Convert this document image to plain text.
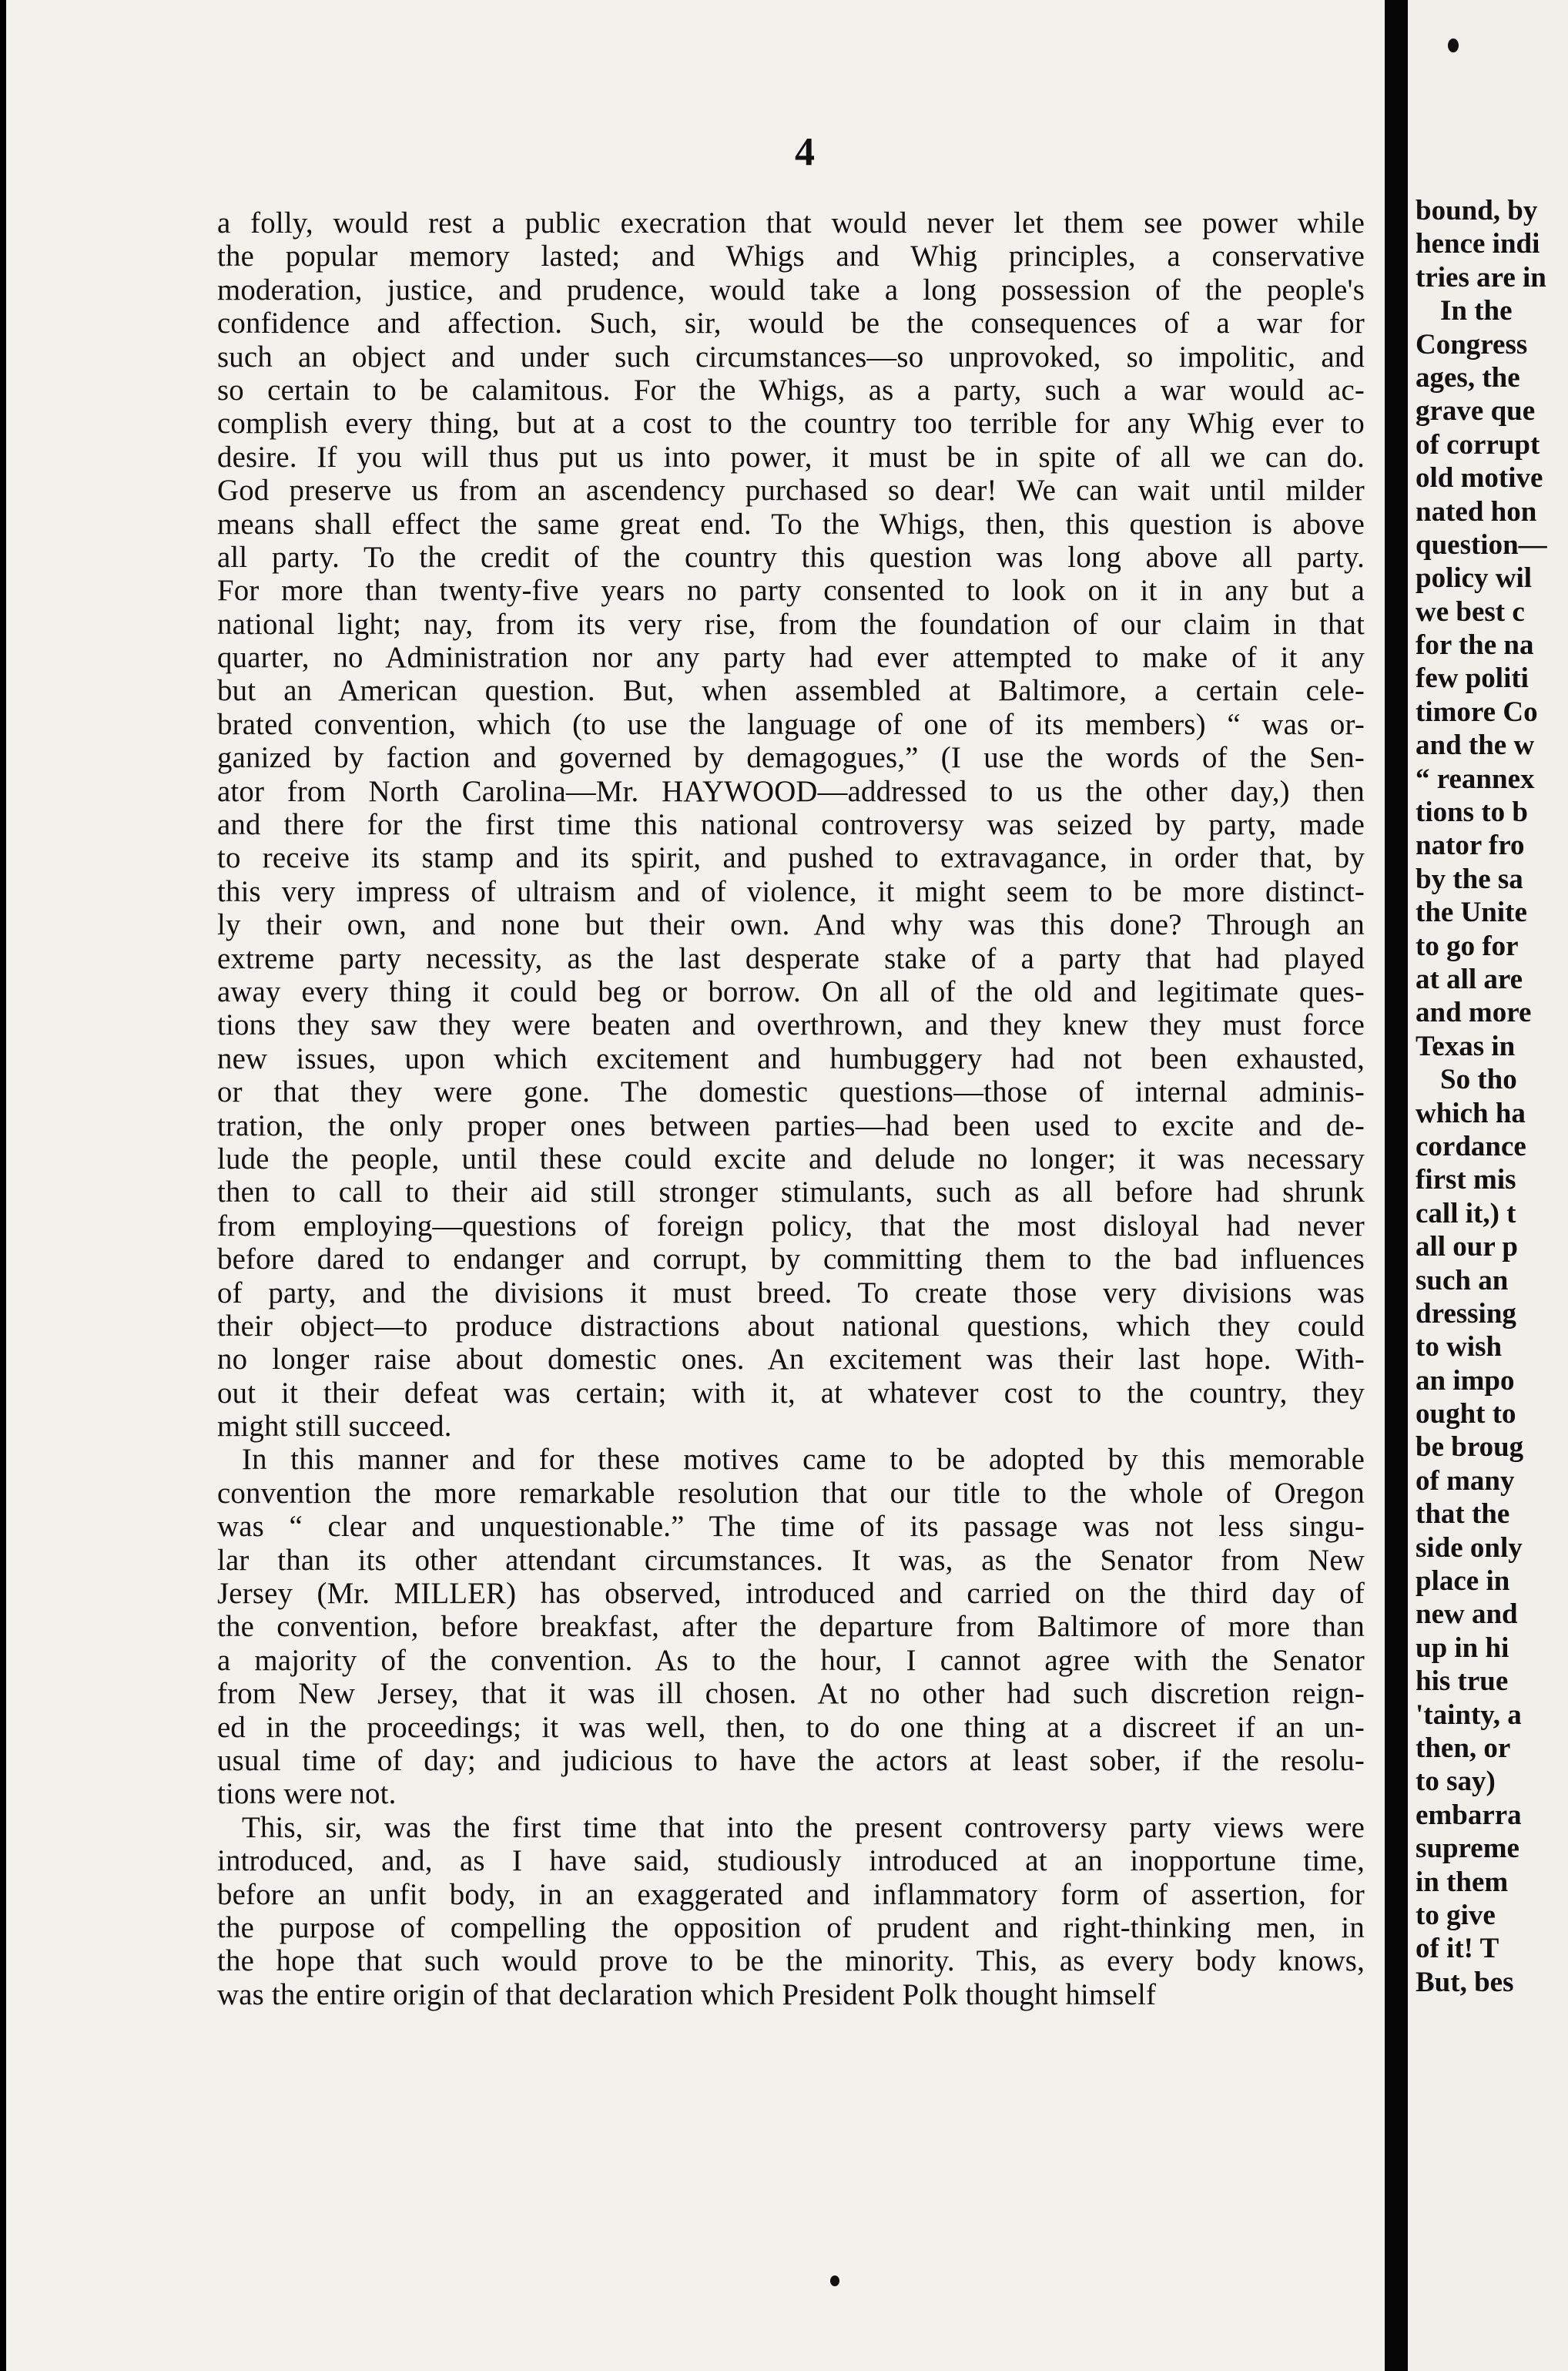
4
a folly, would rest a public execration that would never let them see power while
the popular memory lasted; and Whigs and Whig principles, a conservative
moderation, justice, and prudence, would take a long possession of the people's
confidence and affection. Such, sir, would be the consequences of a war for
such an object and under such circumstances—so unprovoked, so impolitic, and
so certain to be calamitous. For the Whigs, as a party, such a war would ac-
complish every thing, but at a cost to the country too terrible for any Whig ever to
desire. If you will thus put us into power, it must be in spite of all we can do.
God preserve us from an ascendency purchased so dear! We can wait until milder
means shall effect the same great end. To the Whigs, then, this question is above
all party. To the credit of the country this question was long above all party.
For more than twenty-five years no party consented to look on it in any but a
national light; nay, from its very rise, from the foundation of our claim in that
quarter, no Administration nor any party had ever attempted to make of it any
but an American question. But, when assembled at Baltimore, a certain cele-
brated convention, which (to use the language of one of its members) “ was or-
ganized by faction and governed by demagogues,” (I use the words of the Sen-
ator from North Carolina—Mr. HAYWOOD—addressed to us the other day,) then
and there for the first time this national controversy was seized by party, made
to receive its stamp and its spirit, and pushed to extravagance, in order that, by
this very impress of ultraism and of violence, it might seem to be more distinct-
ly their own, and none but their own. And why was this done? Through an
extreme party necessity, as the last desperate stake of a party that had played
away every thing it could beg or borrow. On all of the old and legitimate ques-
tions they saw they were beaten and overthrown, and they knew they must force
new issues, upon which excitement and humbuggery had not been exhausted,
or that they were gone. The domestic questions—those of internal adminis-
tration, the only proper ones between parties—had been used to excite and de-
lude the people, until these could excite and delude no longer; it was necessary
then to call to their aid still stronger stimulants, such as all before had shrunk
from employing—questions of foreign policy, that the most disloyal had never
before dared to endanger and corrupt, by committing them to the bad influences
of party, and the divisions it must breed. To create those very divisions was
their object—to produce distractions about national questions, which they could
no longer raise about domestic ones. An excitement was their last hope. With-
out it their defeat was certain; with it, at whatever cost to the country, they
might still succeed.
In this manner and for these motives came to be adopted by this memorable
convention the more remarkable resolution that our title to the whole of Oregon
was “ clear and unquestionable.” The time of its passage was not less singu-
lar than its other attendant circumstances. It was, as the Senator from New
Jersey (Mr. MILLER) has observed, introduced and carried on the third day of
the convention, before breakfast, after the departure from Baltimore of more than
a majority of the convention. As to the hour, I cannot agree with the Senator
from New Jersey, that it was ill chosen. At no other had such discretion reign-
ed in the proceedings; it was well, then, to do one thing at a discreet if an un-
usual time of day; and judicious to have the actors at least sober, if the resolu-
tions were not.
This, sir, was the first time that into the present controversy party views were
introduced, and, as I have said, studiously introduced at an inopportune time,
before an unfit body, in an exaggerated and inflammatory form of assertion, for
the purpose of compelling the opposition of prudent and right-thinking men, in
the hope that such would prove to be the minority. This, as every body knows,
was the entire origin of that declaration which President Polk thought himself
bound, by
hence indi
tries are in
In the
Congress
ages, the
grave que
of corrupt
old motive
nated hon
question—
policy wil
we best c
for the na
few politi
timore Co
and the w
“ reannex
tions to b
nator fro
by the sa
the Unite
to go for
at all are
and more
Texas in
So tho
which ha
cordance
first mis
call it,) t
all our p
such an
dressing
to wish
an impo
ought to
be broug
of many
that the
side only
place in
new and
up in hi
his true
'tainty, a
then, or
to say)
embarra
supreme
in them
to give
of it! T
But, bes
